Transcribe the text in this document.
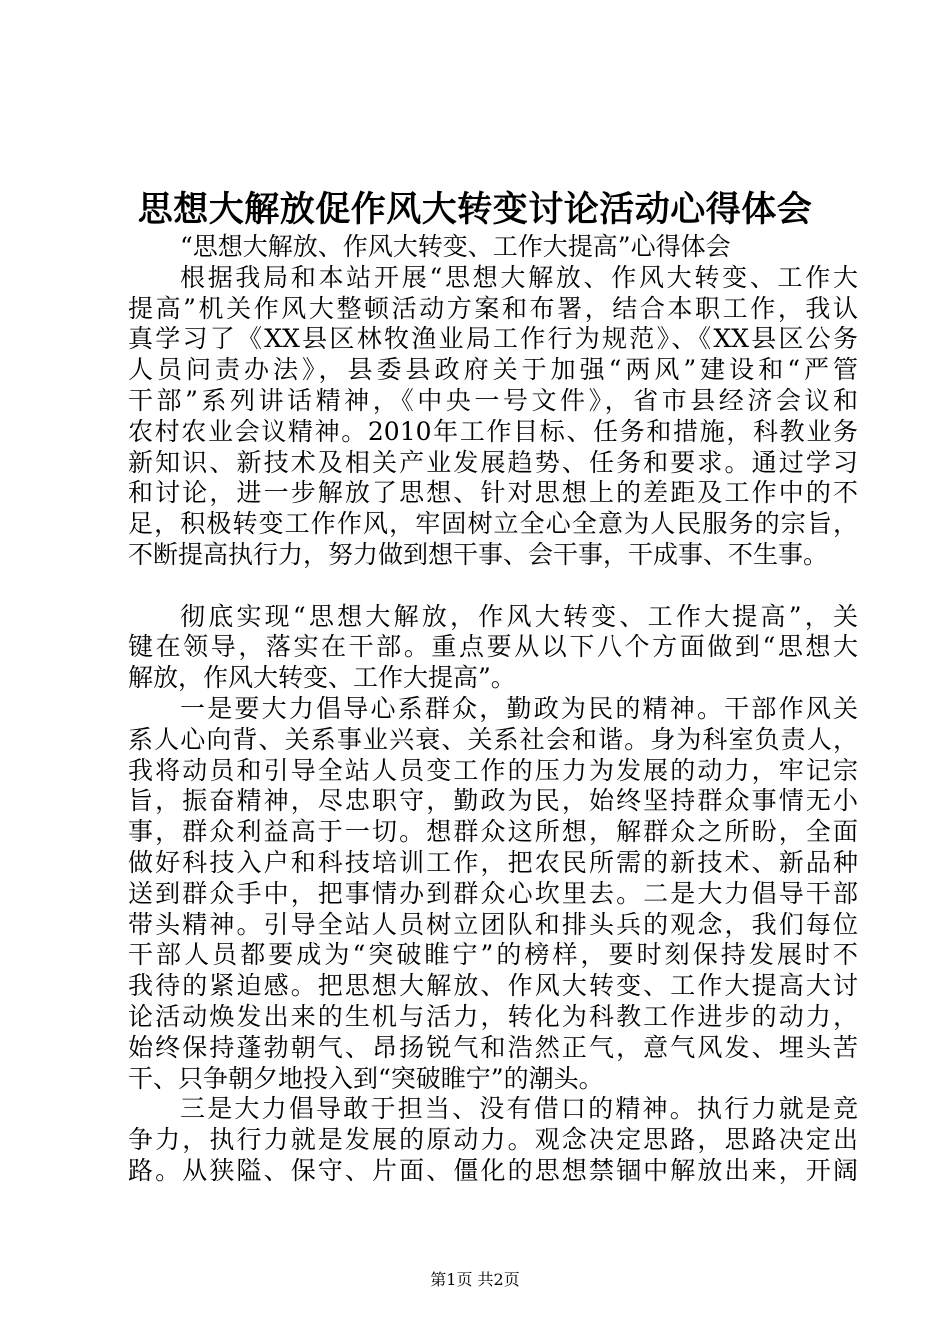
思想大解放促作风大转变讨论活动心得体会
“思想大解放、作风大转变、工作大提高”心得体会
根据我局和本站开展“思想大解放、作风大转变、工作大
提高”机关作风大整顿活动方案和布署，结合本职工作，我认
真学习了《XX县区林牧渔业局工作行为规范》、《XX县区公务
人员问责办法》，县委县政府关于加强“两风”建设和“严管
干部”系列讲话精神，《中央一号文件》，省市县经济会议和
农村农业会议精神。2010年工作目标、任务和措施，科教业务
新知识、新技术及相关产业发展趋势、任务和要求。通过学习
和讨论，进一步解放了思想、针对思想上的差距及工作中的不
足，积极转变工作作风，牢固树立全心全意为人民服务的宗旨，
不断提高执行力，努力做到想干事、会干事，干成事、不生事。
彻底实现“思想大解放，作风大转变、工作大提高”，关
键在领导，落实在干部。重点要从以下八个方面做到“思想大
解放，作风大转变、工作大提高”。
一是要大力倡导心系群众，勤政为民的精神。干部作风关
系人心向背、关系事业兴衰、关系社会和谐。身为科室负责人，
我将动员和引导全站人员变工作的压力为发展的动力，牢记宗
旨，振奋精神，尽忠职守，勤政为民，始终坚持群众事情无小
事，群众利益高于一切。想群众这所想，解群众之所盼，全面
做好科技入户和科技培训工作，把农民所需的新技术、新品种
送到群众手中，把事情办到群众心坎里去。二是大力倡导干部
带头精神。引导全站人员树立团队和排头兵的观念，我们每位
干部人员都要成为“突破睢宁”的榜样，要时刻保持发展时不
我待的紧迫感。把思想大解放、作风大转变、工作大提高大讨
论活动焕发出来的生机与活力，转化为科教工作进步的动力，
始终保持蓬勃朝气、昂扬锐气和浩然正气，意气风发、埋头苦
干、只争朝夕地投入到“突破睢宁”的潮头。
三是大力倡导敢于担当、没有借口的精神。执行力就是竞
争力，执行力就是发展的原动力。观念决定思路，思路决定出
路。从狭隘、保守、片面、僵化的思想禁锢中解放出来，开阔
第1页 共2页
